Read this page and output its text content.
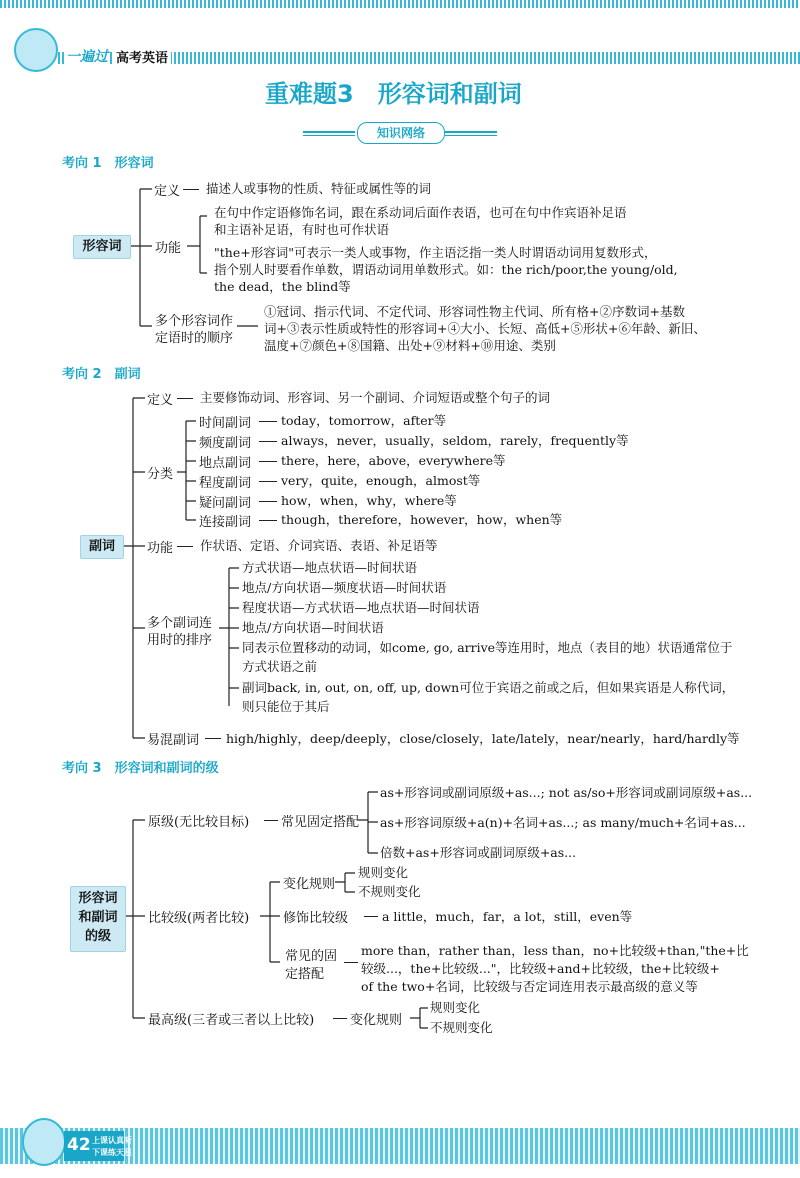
一遍过 高考英语
重难题3　形容词和副词
知识网络
考向 1　形容词
形容词
定义 描述人或事物的性质、特征或属性等的词
功能
在句中作定语修饰名词，跟在系动词后面作表语，也可在句中作宾语补足语
和主语补足语，有时也可作状语
"the+形容词"可表示一类人或事物，作主语泛指一类人时谓语动词用复数形式，
指个别人时要看作单数，谓语动词用单数形式。如：the rich/poor,the young/old,
the dead，the blind等
多个形容词作
定语时的顺序
①冠词、指示代词、不定代词、形容词性物主代词、所有格+②序数词+基数
词+③表示性质或特性的形容词+④大小、长短、高低+⑤形状+⑥年龄、新旧、
温度+⑦颜色+⑧国籍、出处+⑨材料+⑩用途、类别
考向 2　副词
副词
定义 主要修饰动词、形容词、另一个副词、介词短语或整个句子的词
分类
时间副词 today，tomorrow，after等
频度副词 always，never，usually，seldom，rarely，frequently等
地点副词 there，here，above，everywhere等
程度副词 very，quite，enough，almost等
疑问副词 how，when，why，where等
连接副词 though，therefore，however，how，when等
功能 作状语、定语、介词宾语、表语、补足语等
多个副词连
用时的排序
方式状语—地点状语—时间状语
地点/方向状语—频度状语—时间状语
程度状语—方式状语—地点状语—时间状语
地点/方向状语—时间状语
同表示位置移动的动词，如come, go, arrive等连用时，地点（表目的地）状语通常位于
方式状语之前
副词back, in, out, on, off, up, down可位于宾语之前或之后，但如果宾语是人称代词，
则只能位于其后
易混副词 high/highly，deep/deeply，close/closely，late/lately，near/nearly，hard/hardly等
考向 3　形容词和副词的级
形容词
和副词
的级
原级(无比较目标) 常见固定搭配
as+形容词或副词原级+as...; not as/so+形容词或副词原级+as...
as+形容词原级+a(n)+名词+as...; as many/much+名词+as...
倍数+as+形容词或副词原级+as...
比较级(两者比较)
变化规则
规则变化
不规则变化
修饰比较级	a little，much，far，a lot，still，even等
常见的固
定搭配
more than，rather than，less than，no+比较级+than,"the+比
较级...，the+比较级..."，比较级+and+比较级，the+比较级+
of the two+名词，比较级与否定词连用表示最高级的意义等
最高级(三者或三者以上比较)	变化规则
规则变化
不规则变化
42 上课认真听
下课练天星
